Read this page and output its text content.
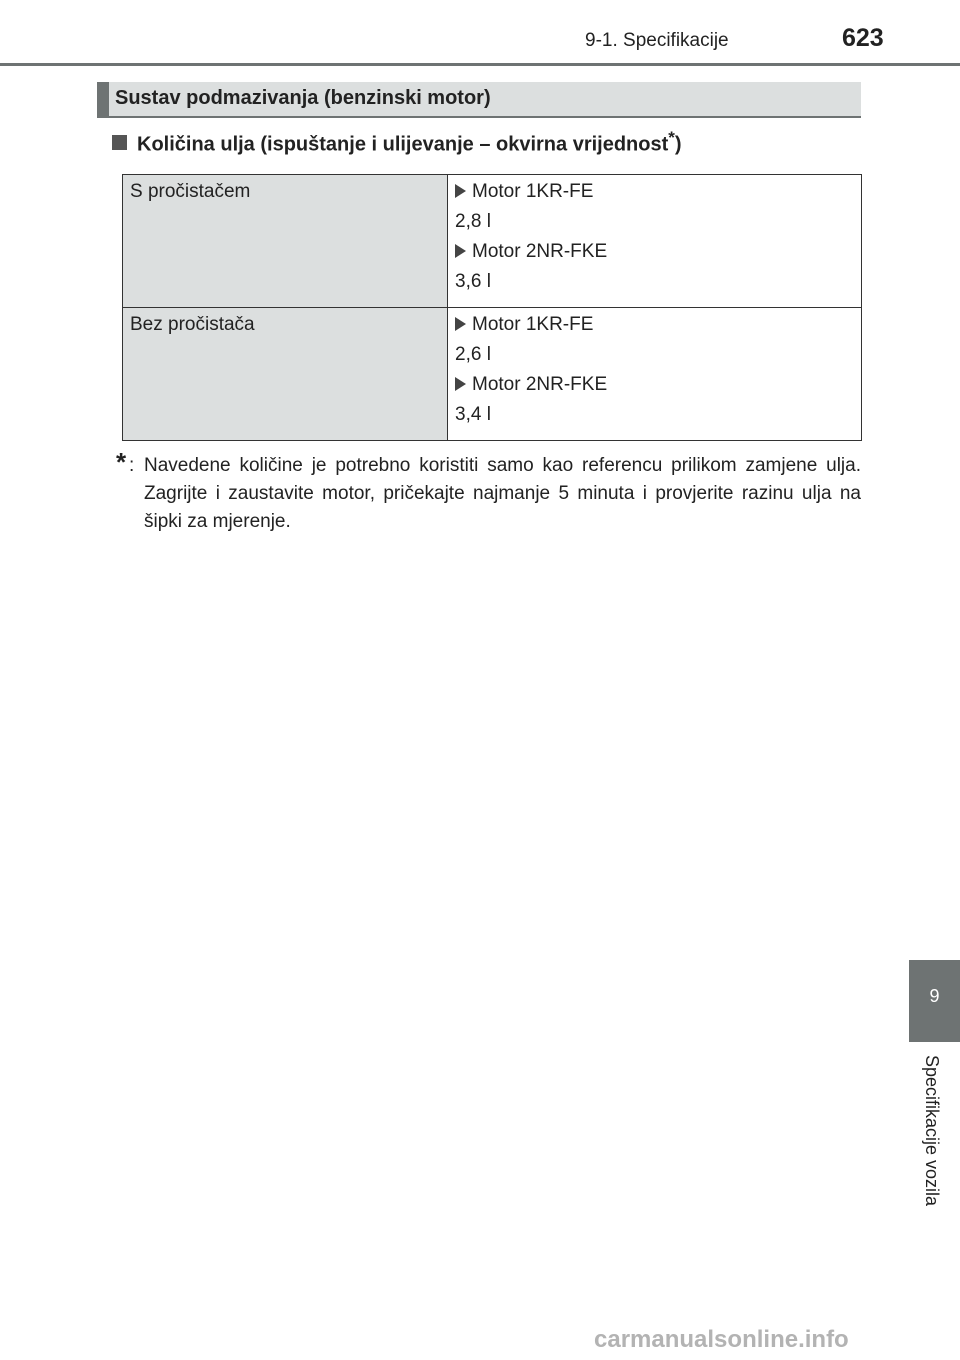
9-1. Specifikacije	623
Sustav podmazivanja (benzinski motor)
Količina ulja (ispuštanje i ulijevanje – okvirna vrijednost*)
S pročistačem	Motor 1KR-FE
2,8 l
Motor 2NR-FKE
3,6 l

Bez pročistača	Motor 1KR-FE
2,6 l
Motor 2NR-FKE
3,4 l
* : Navedene količine je potrebno koristiti samo kao referencu prilikom zamjene ulja. Zagrijte i zaustavite motor, pričekajte najmanje 5 minuta i provjerite razinu ulja na šipki za mjerenje.
9
Specifikacije vozila
carmanualsonline.info
